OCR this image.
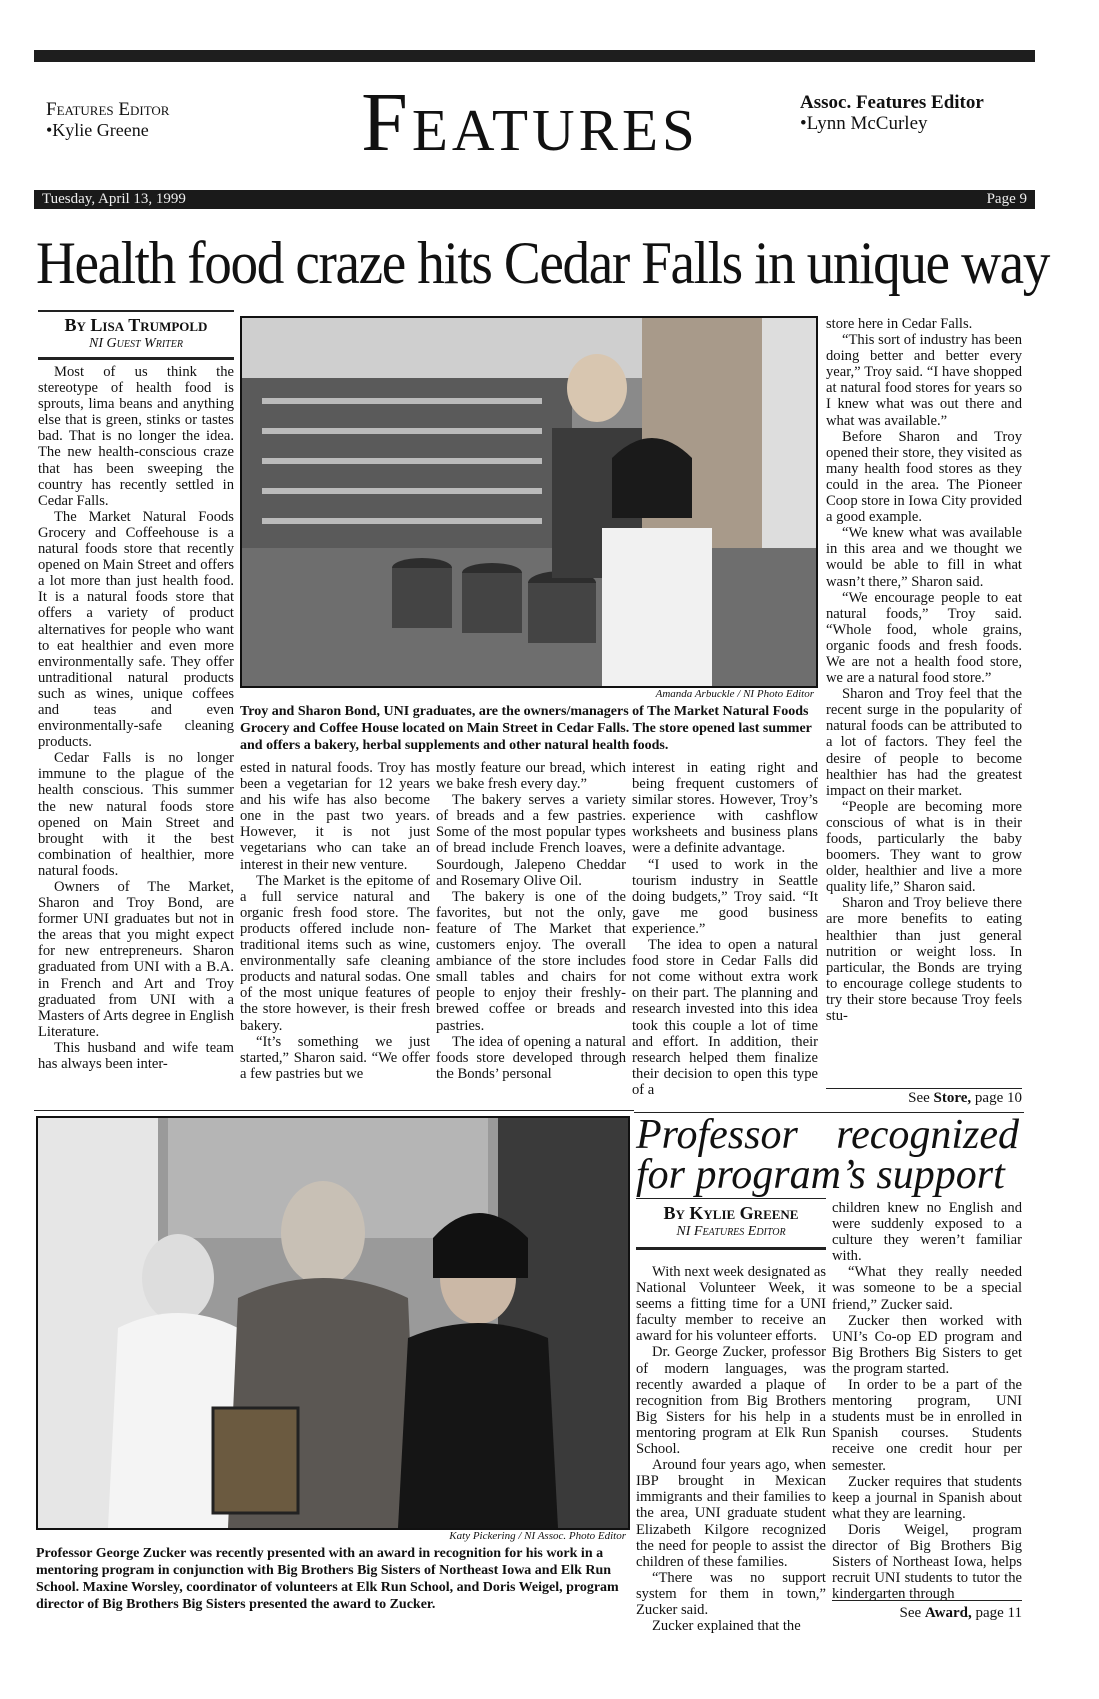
Features Editor
•Kylie Greene	Features	Assoc. Features Editor
•Lynn McCurley
Tuesday, April 13, 1999	Page 9
Health food craze hits Cedar Falls in unique way
By Lisa Trumpold
NI Guest Writer

Most of us think the stereotype of health food is sprouts, lima beans and anything else that is green, stinks or tastes bad. That is no longer the idea. The new health-conscious craze that has been sweeping the country has recently settled in Cedar Falls.

The Market Natural Foods Grocery and Coffeehouse is a natural foods store that recently opened on Main Street and offers a lot more than just health food. It is a natural foods store that offers a variety of product alternatives for people who want to eat healthier and even more environmentally safe. They offer untraditional natural products such as wines, unique coffees and teas and even environmentally-safe cleaning products.

Cedar Falls is no longer immune to the plague of the health conscious. This summer the new natural foods store opened on Main Street and brought with it the best combination of healthier, more natural foods.

Owners of The Market, Sharon and Troy Bond, are former UNI graduates but not in the areas that you might expect for new entrepreneurs. Sharon graduated from UNI with a B.A. in French and Art and Troy graduated from UNI with a Masters of Arts degree in English Literature.

This husband and wife team has always been inter-

Amanda Arbuckle / NI Photo Editor
Troy and Sharon Bond, UNI graduates, are the owners/managers of The Market Natural Foods Grocery and Coffee House located on Main Street in Cedar Falls. The store opened last summer and offers a bakery, herbal supplements and other natural health foods.

ested in natural foods. Troy has been a vegetarian for 12 years and his wife has also become one in the past two years. However, it is not just vegetarians who can take an interest in their new venture.

The Market is the epitome of a full service natural and organic fresh food store. The products offered include non-traditional items such as wine, environmentally safe cleaning products and natural sodas. One of the most unique features of the store however, is their fresh bakery.

“It’s something we just started,” Sharon said. “We offer a few pastries but we

mostly feature our bread, which we bake fresh every day.”

The bakery serves a variety of breads and a few pastries. Some of the most popular types of bread include French loaves, Sourdough, Jalepeno Cheddar and Rosemary Olive Oil.

The bakery is one of the favorites, but not the only, feature of The Market that customers enjoy. The overall ambiance of the store includes small tables and chairs for people to enjoy their freshly-brewed coffee or breads and pastries.

The idea of opening a natural foods store developed through the Bonds’ personal

interest in eating right and being frequent customers of similar stores. However, Troy’s experience with cashflow worksheets and business plans were a definite advantage.

“I used to work in the tourism industry in Seattle doing budgets,” Troy said. “It gave me good business experience.”

The idea to open a natural food store in Cedar Falls did not come without extra work on their part. The planning and research invested into this idea took this couple a lot of time and effort. In addition, their research helped them finalize their decision to open this type of a

store here in Cedar Falls.

“This sort of industry has been doing better and better every year,” Troy said. “I have shopped at natural food stores for years so I knew what was out there and what was available.”

Before Sharon and Troy opened their store, they visited as many health food stores as they could in the area. The Pioneer Coop store in Iowa City provided a good example.

“We knew what was available in this area and we thought we would be able to fill in what wasn’t there,” Sharon said.

“We encourage people to eat natural foods,” Troy said. “Whole food, whole grains, organic foods and fresh foods. We are not a health food store, we are a natural food store.”

Sharon and Troy feel that the recent surge in the popularity of natural foods can be attributed to a lot of factors. They feel the desire of people to become healthier has had the greatest impact on their market.

“People are becoming more conscious of what is in their foods, particularly the baby boomers. They want to grow older, healthier and live a more quality life,” Sharon said.

Sharon and Troy believe there are more benefits to eating healthier than just general nutrition or weight loss. In particular, the Bonds are trying to encourage college students to try their store because Troy feels stu-

See Store, page 10
Katy Pickering / NI Assoc. Photo Editor
Professor George Zucker was recently presented with an award in recognition for his work in a mentoring program in conjunction with Big Brothers Big Sisters of Northeast Iowa and Elk Run School. Maxine Worsley, coordinator of volunteers at Elk Run School, and Doris Weigel, program director of Big Brothers Big Sisters presented the award to Zucker.
Professor recognized
for program’s support
By Kylie Greene
NI Features Editor

With next week designated as National Volunteer Week, it seems a fitting time for a UNI faculty member to receive an award for his volunteer efforts.

Dr. George Zucker, professor of modern languages, was recently awarded a plaque of recognition from Big Brothers Big Sisters for his help in a mentoring program at Elk Run School.

Around four years ago, when IBP brought in Mexican immigrants and their families to the area, UNI graduate student Elizabeth Kilgore recognized the need for people to assist the children of these families.

“There was no support system for them in town,” Zucker said.

Zucker explained that the

children knew no English and were suddenly exposed to a culture they weren’t familiar with.

“What they really needed was someone to be a special friend,” Zucker said.

Zucker then worked with UNI’s Co-op ED program and Big Brothers Big Sisters to get the program started.

In order to be a part of the mentoring program, UNI students must be in enrolled in Spanish courses. Students receive one credit hour per semester.

Zucker requires that students keep a journal in Spanish about what they are learning.

Doris Weigel, program director of Big Brothers Big Sisters of Northeast Iowa, helps recruit UNI students to tutor the kindergarten through

See Award, page 11
